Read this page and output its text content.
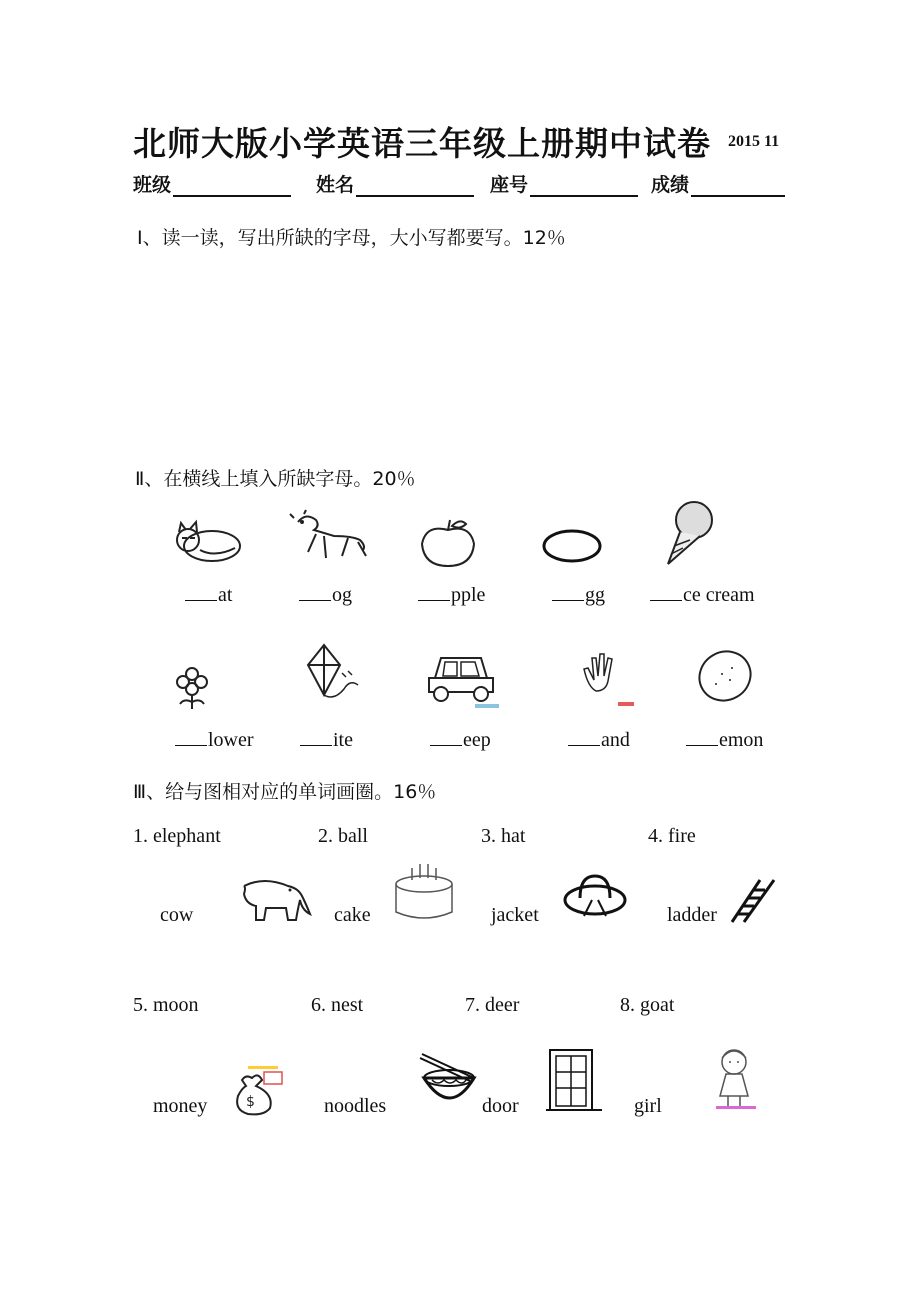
北师大版小学英语三年级上册期中试卷 2015 11
班级	姓名	座号	成绩
Ⅰ、读一读，写出所缺的字母，大小写都要写。12％
Ⅱ、在横线上填入所缺字母。20％
at	og	pple	gg	ce cream
lower	ite	eep	and	emon
Ⅲ、给与图相对应的单词画圈。16％
1. elephant	2. ball	3. hat	4. fire
cow	cake	jacket	ladder
5. moon	6. nest	7. deer	8. goat
money	$	noodles	door	girl
